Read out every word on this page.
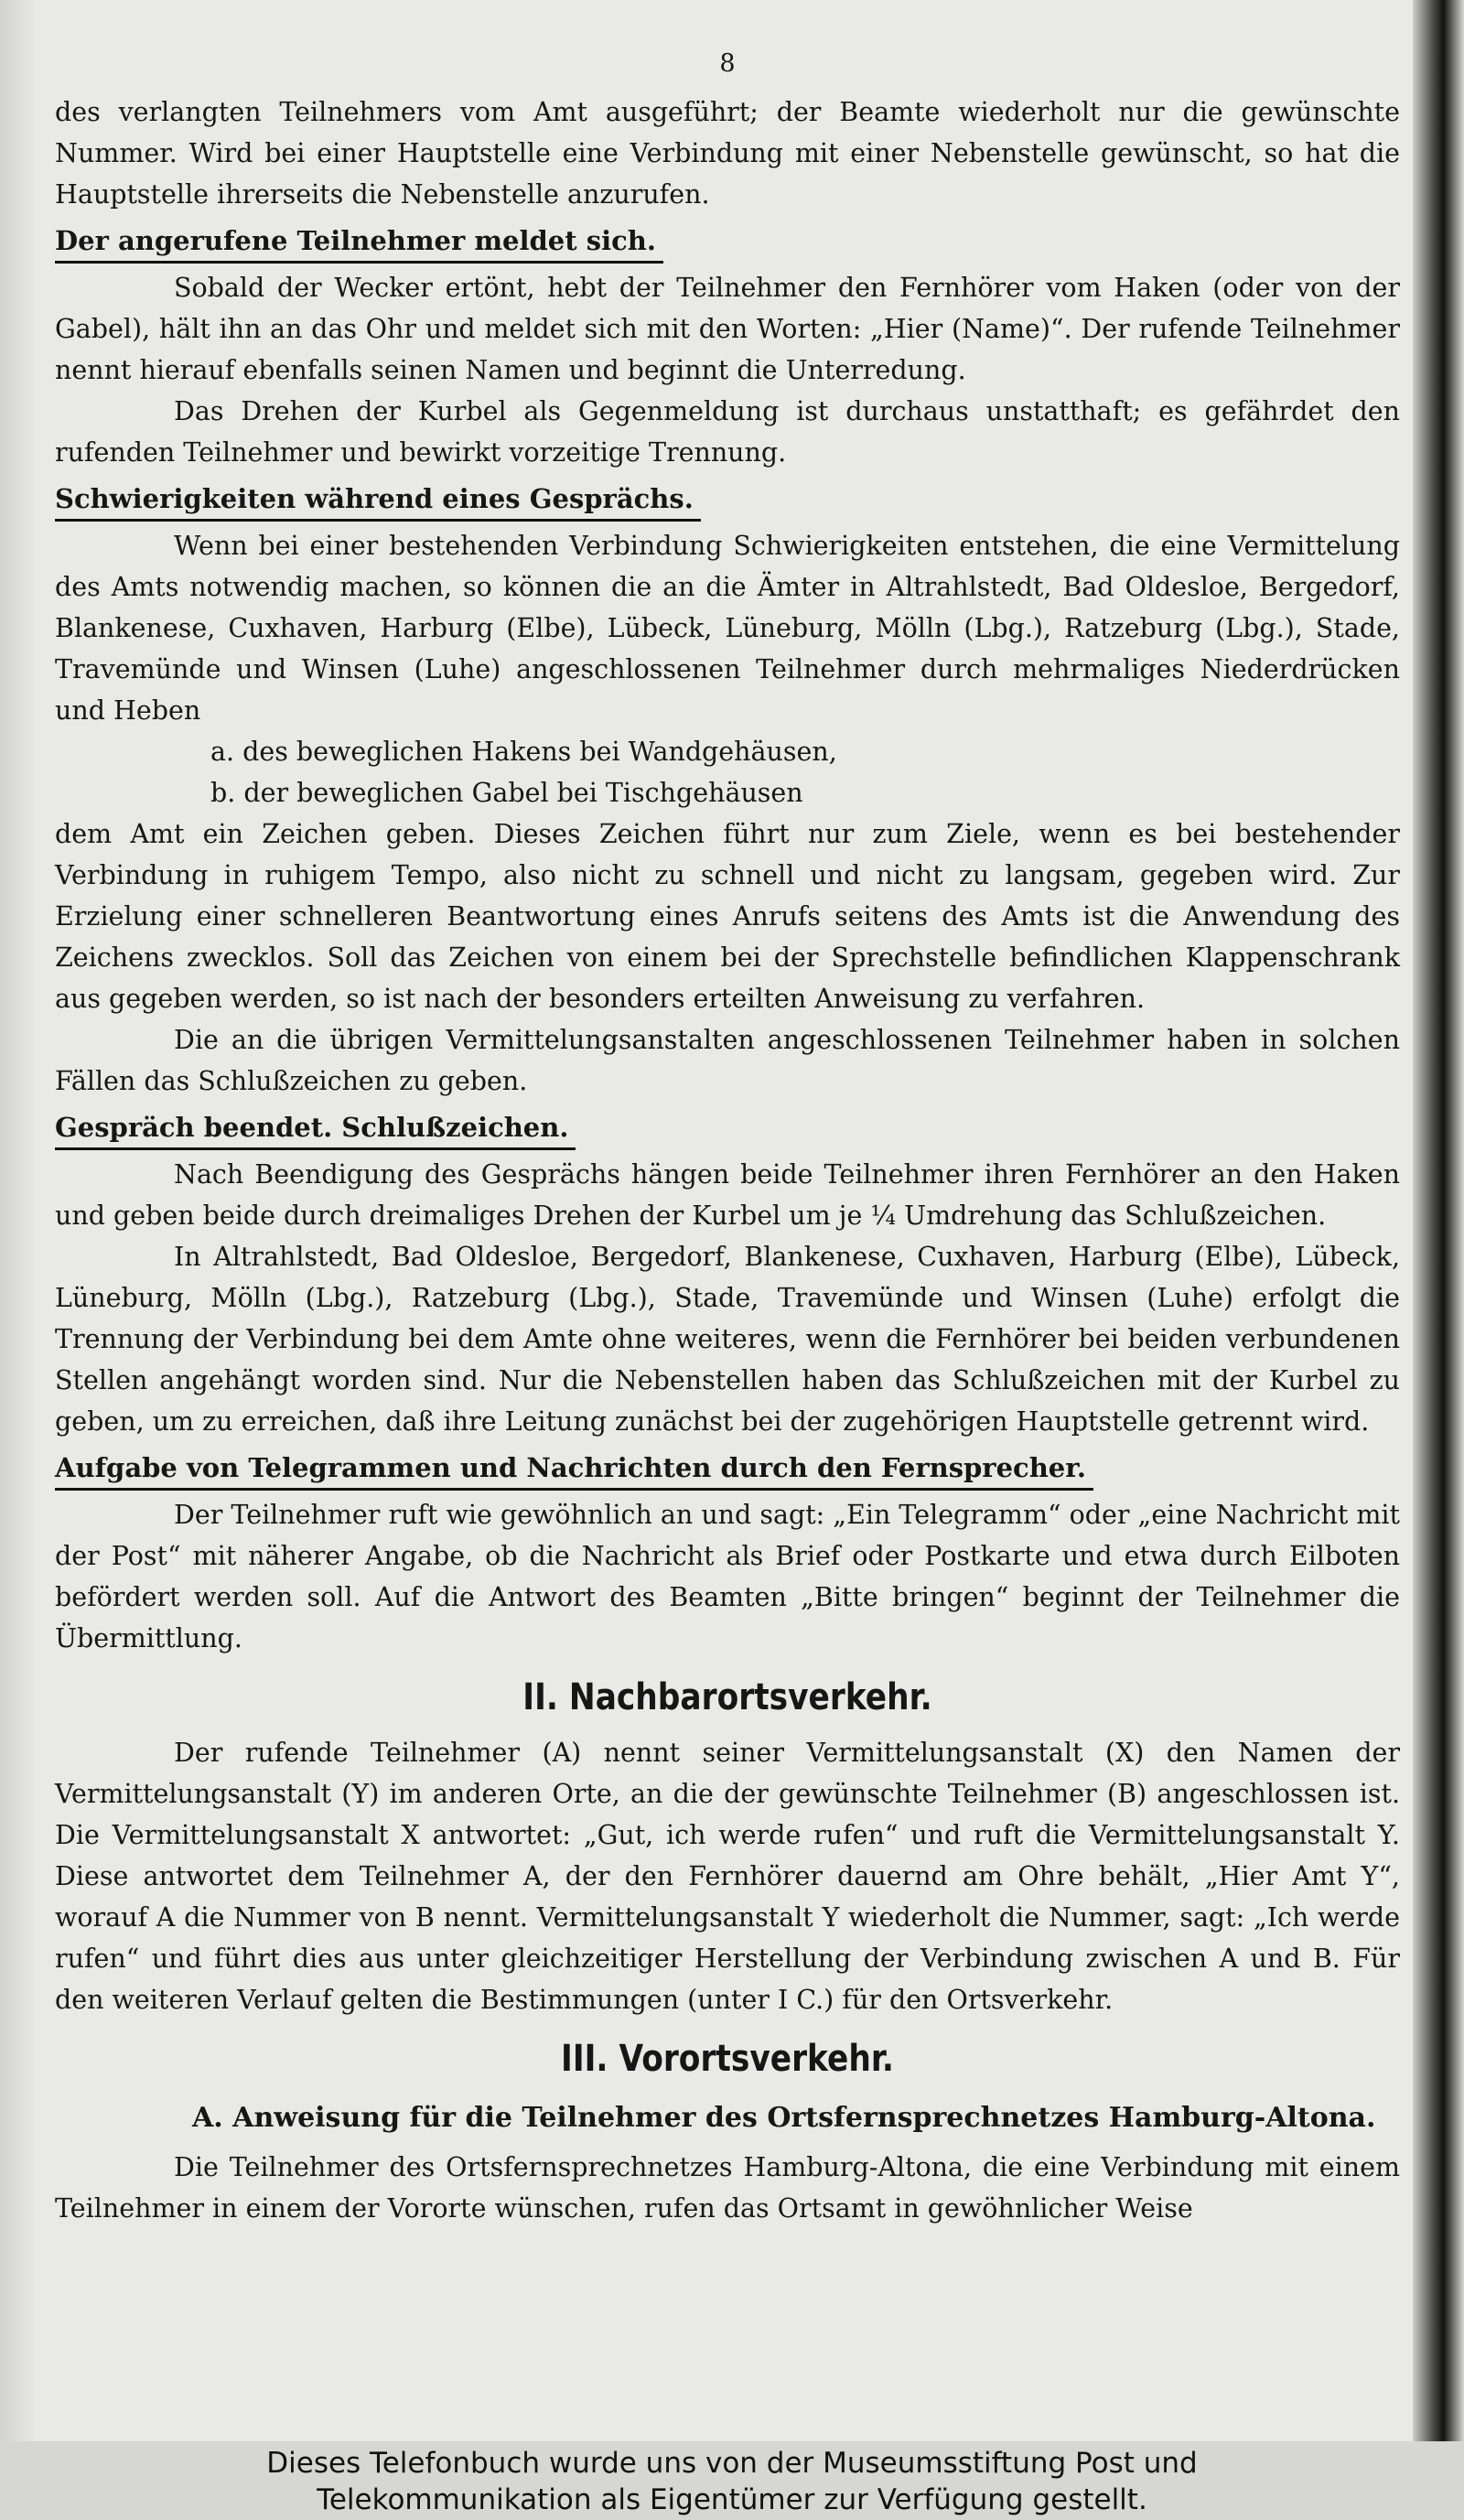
8

des verlangten Teilnehmers vom Amt ausgeführt; der Beamte wiederholt nur die gewünschte Nummer. Wird bei einer Hauptstelle eine Verbindung mit einer Nebenstelle gewünscht, so hat die Hauptstelle ihrerseits die Nebenstelle anzurufen.

Der angerufene Teilnehmer meldet sich.

Sobald der Wecker ertönt, hebt der Teilnehmer den Fernhörer vom Haken (oder von der Gabel), hält ihn an das Ohr und meldet sich mit den Worten: „Hier (Name)“. Der rufende Teilnehmer nennt hierauf ebenfalls seinen Namen und beginnt die Unterredung.

Das Drehen der Kurbel als Gegenmeldung ist durchaus unstatthaft; es gefährdet den rufenden Teilnehmer und bewirkt vorzeitige Trennung.

Schwierigkeiten während eines Gesprächs.

Wenn bei einer bestehenden Verbindung Schwierigkeiten entstehen, die eine Vermittelung des Amts notwendig machen, so können die an die Ämter in Altrahlstedt, Bad Oldesloe, Bergedorf, Blankenese, Cuxhaven, Harburg (Elbe), Lübeck, Lüneburg, Mölln (Lbg.), Ratzeburg (Lbg.), Stade, Travemünde und Winsen (Luhe) angeschlossenen Teilnehmer durch mehrmaliges Niederdrücken und Heben

a. des beweglichen Hakens bei Wandgehäusen,

b. der beweglichen Gabel bei Tischgehäusen

dem Amt ein Zeichen geben. Dieses Zeichen führt nur zum Ziele, wenn es bei bestehender Verbindung in ruhigem Tempo, also nicht zu schnell und nicht zu langsam, gegeben wird. Zur Erzielung einer schnelleren Beantwortung eines Anrufs seitens des Amts ist die Anwendung des Zeichens zwecklos. Soll das Zeichen von einem bei der Sprechstelle befindlichen Klappenschrank aus gegeben werden, so ist nach der besonders erteilten Anweisung zu verfahren.

Die an die übrigen Vermittelungsanstalten angeschlossenen Teilnehmer haben in solchen Fällen das Schlußzeichen zu geben.

Gespräch beendet. Schlußzeichen.

Nach Beendigung des Gesprächs hängen beide Teilnehmer ihren Fernhörer an den Haken und geben beide durch dreimaliges Drehen der Kurbel um je ¼ Umdrehung das Schlußzeichen.

In Altrahlstedt, Bad Oldesloe, Bergedorf, Blankenese, Cuxhaven, Harburg (Elbe), Lübeck, Lüneburg, Mölln (Lbg.), Ratzeburg (Lbg.), Stade, Travemünde und Winsen (Luhe) erfolgt die Trennung der Verbindung bei dem Amte ohne weiteres, wenn die Fernhörer bei beiden verbundenen Stellen angehängt worden sind. Nur die Nebenstellen haben das Schlußzeichen mit der Kurbel zu geben, um zu erreichen, daß ihre Leitung zunächst bei der zugehörigen Hauptstelle getrennt wird.

Aufgabe von Telegrammen und Nachrichten durch den Fernsprecher.

Der Teilnehmer ruft wie gewöhnlich an und sagt: „Ein Telegramm“ oder „eine Nachricht mit der Post“ mit näherer Angabe, ob die Nachricht als Brief oder Postkarte und etwa durch Eilboten befördert werden soll. Auf die Antwort des Beamten „Bitte bringen“ beginnt der Teilnehmer die Übermittlung.

II. Nachbarortsverkehr.

Der rufende Teilnehmer (A) nennt seiner Vermittelungsanstalt (X) den Namen der Vermittelungsanstalt (Y) im anderen Orte, an die der gewünschte Teilnehmer (B) angeschlossen ist. Die Vermittelungsanstalt X antwortet: „Gut, ich werde rufen“ und ruft die Vermittelungsanstalt Y. Diese antwortet dem Teilnehmer A, der den Fernhörer dauernd am Ohre behält, „Hier Amt Y“, worauf A die Nummer von B nennt. Vermittelungsanstalt Y wiederholt die Nummer, sagt: „Ich werde rufen“ und führt dies aus unter gleichzeitiger Herstellung der Verbindung zwischen A und B. Für den weiteren Verlauf gelten die Bestimmungen (unter I C.) für den Ortsverkehr.

III. Vorortsverkehr.
A. Anweisung für die Teilnehmer des Ortsfernsprechnetzes Hamburg-Altona.

Die Teilnehmer des Ortsfernsprechnetzes Hamburg-Altona, die eine Verbindung mit einem Teilnehmer in einem der Vororte wünschen, rufen das Ortsamt in gewöhnlicher Weise

Dieses Telefonbuch wurde uns von der Museumsstiftung Post und
Telekommunikation als Eigentümer zur Verfügung gestellt.
